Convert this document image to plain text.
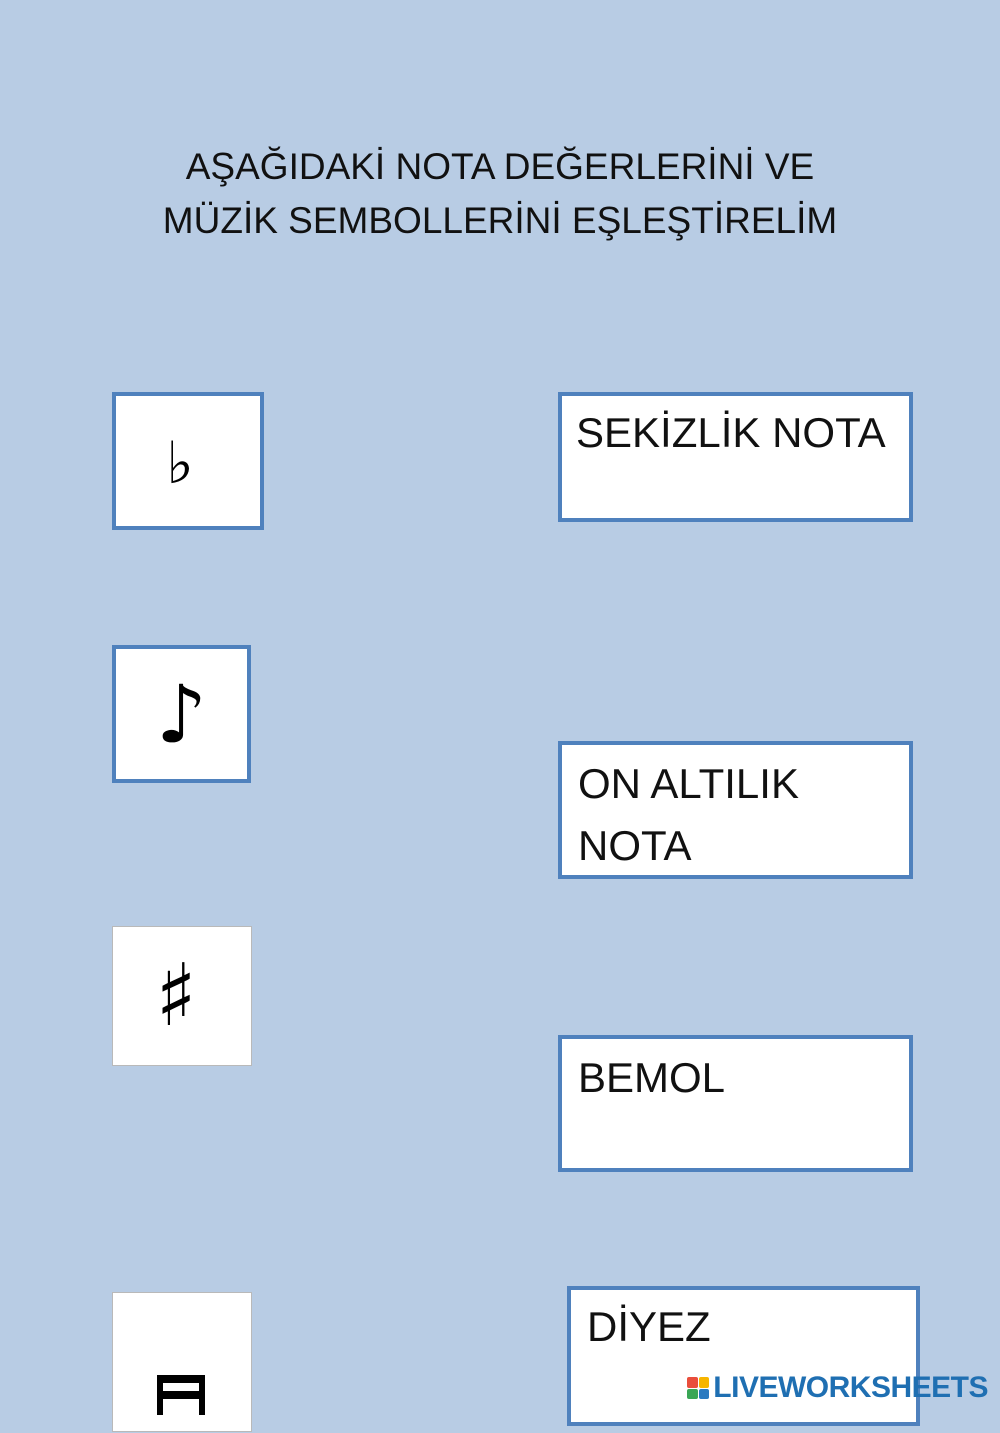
AŞAĞIDAKİ NOTA DEĞERLERİNİ VE
MÜZİK SEMBOLLERİNİ EŞLEŞTİRELİM
♭
♪
♯
SEKİZLİK NOTA
ON ALTILIK NOTA
BEMOL
DİYEZ
LIVEWORKSHEETS
